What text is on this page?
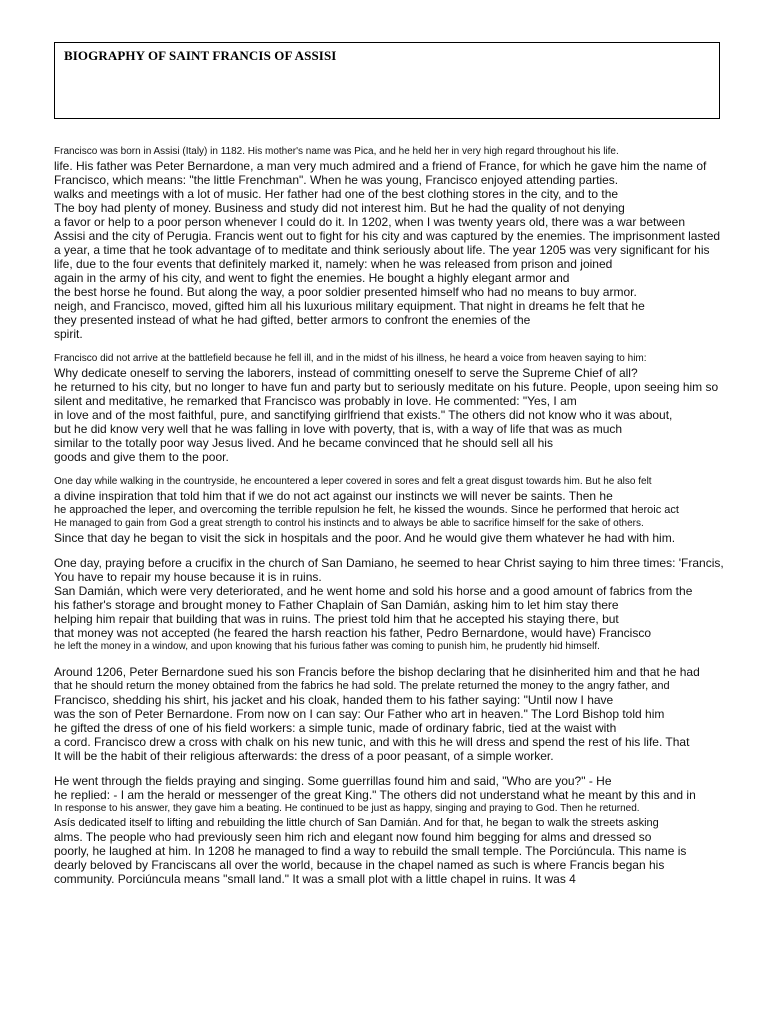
BIOGRAPHY OF SAINT FRANCIS OF ASSISI
Francisco was born in Assisi (Italy) in 1182. His mother's name was Pica, and he held her in very high regard throughout his life.
life. His father was Peter Bernardone, a man very much admired and a friend of France, for which he gave him the name of
Francisco, which means: "the little Frenchman". When he was young, Francisco enjoyed attending parties.
walks and meetings with a lot of music. Her father had one of the best clothing stores in the city, and to the
The boy had plenty of money. Business and study did not interest him. But he had the quality of not denying
a favor or help to a poor person whenever I could do it. In 1202, when I was twenty years old, there was a war between
Assisi and the city of Perugia. Francis went out to fight for his city and was captured by the enemies. The imprisonment lasted
a year, a time that he took advantage of to meditate and think seriously about life. The year 1205 was very significant for his
life, due to the four events that definitely marked it, namely: when he was released from prison and joined
again in the army of his city, and went to fight the enemies. He bought a highly elegant armor and
the best horse he found. But along the way, a poor soldier presented himself who had no means to buy armor.
neigh, and Francisco, moved, gifted him all his luxurious military equipment. That night in dreams he felt that he
they presented instead of what he had gifted, better armors to confront the enemies of the
spirit.
Francisco did not arrive at the battlefield because he fell ill, and in the midst of his illness, he heard a voice from heaven saying to him:
Why dedicate oneself to serving the laborers, instead of committing oneself to serve the Supreme Chief of all?
he returned to his city, but no longer to have fun and party but to seriously meditate on his future. People, upon seeing him so
silent and meditative, he remarked that Francisco was probably in love. He commented: "Yes, I am
in love and of the most faithful, pure, and sanctifying girlfriend that exists." The others did not know who it was about,
but he did know very well that he was falling in love with poverty, that is, with a way of life that was as much
similar to the totally poor way Jesus lived. And he became convinced that he should sell all his
goods and give them to the poor.
One day while walking in the countryside, he encountered a leper covered in sores and felt a great disgust towards him. But he also felt
a divine inspiration that told him that if we do not act against our instincts we will never be saints. Then he
he approached the leper, and overcoming the terrible repulsion he felt, he kissed the wounds. Since he performed that heroic act
He managed to gain from God a great strength to control his instincts and to always be able to sacrifice himself for the sake of others.
Since that day he began to visit the sick in hospitals and the poor. And he would give them whatever he had with him.
One day, praying before a crucifix in the church of San Damiano, he seemed to hear Christ saying to him three times: 'Francis,
You have to repair my house because it is in ruins.
San Damián, which were very deteriorated, and he went home and sold his horse and a good amount of fabrics from the
his father's storage and brought money to Father Chaplain of San Damián, asking him to let him stay there
helping him repair that building that was in ruins. The priest told him that he accepted his staying there, but
that money was not accepted (he feared the harsh reaction his father, Pedro Bernardone, would have) Francisco
he left the money in a window, and upon knowing that his furious father was coming to punish him, he prudently hid himself.
Around 1206, Peter Bernardone sued his son Francis before the bishop declaring that he disinherited him and that he had
that he should return the money obtained from the fabrics he had sold. The prelate returned the money to the angry father, and
Francisco, shedding his shirt, his jacket and his cloak, handed them to his father saying: "Until now I have
was the son of Peter Bernardone. From now on I can say: Our Father who art in heaven." The Lord Bishop told him
he gifted the dress of one of his field workers: a simple tunic, made of ordinary fabric, tied at the waist with
a cord. Francisco drew a cross with chalk on his new tunic, and with this he will dress and spend the rest of his life. That
It will be the habit of their religious afterwards: the dress of a poor peasant, of a simple worker.
He went through the fields praying and singing. Some guerrillas found him and said, "Who are you?" - He
he replied: - I am the herald or messenger of the great King." The others did not understand what he meant by this and in
In response to his answer, they gave him a beating. He continued to be just as happy, singing and praying to God. Then he returned.
Asís dedicated itself to lifting and rebuilding the little church of San Damián. And for that, he began to walk the streets asking
alms. The people who had previously seen him rich and elegant now found him begging for alms and dressed so
poorly, he laughed at him. In 1208 he managed to find a way to rebuild the small temple. The Porciúncula. This name is
dearly beloved by Franciscans all over the world, because in the chapel named as such is where Francis began his
community. Porciúncula means "small land." It was a small plot with a little chapel in ruins. It was 4
